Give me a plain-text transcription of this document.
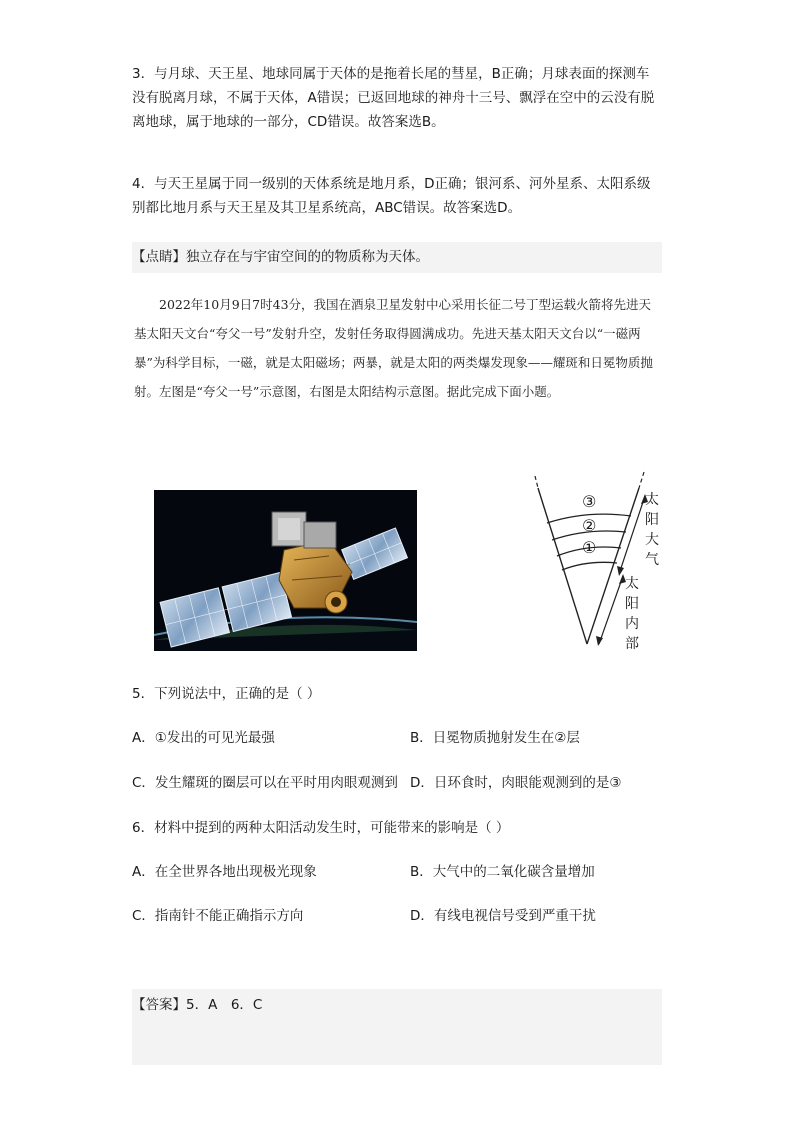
3．与月球、天王星、地球同属于天体的是拖着长尾的彗星，B正确；月球表面的探测车没有脱离月球，不属于天体，A错误；已返回地球的神舟十三号、飘浮在空中的云没有脱离地球，属于地球的一部分，CD错误。故答案选B。

4．与天王星属于同一级别的天体系统是地月系，D正确；银河系、河外星系、太阳系级别都比地月系与天王星及其卫星系统高，ABC错误。故答案选D。

【点睛】独立存在与宇宙空间的的物质称为天体。

2022年10月9日7时43分，我国在酒泉卫星发射中心采用长征二号丁型运载火箭将先进天基太阳天文台“夸父一号”发射升空，发射任务取得圆满成功。先进天基太阳天文台以“一磁两暴”为科学目标，一磁，就是太阳磁场；两暴，就是太阳的两类爆发现象——耀斑和日冕物质抛射。左图是“夸父一号”示意图，右图是太阳结构示意图。据此完成下面小题。

③
②
①
太
阳
大
气
太
阳
内
部
5．下列说法中，正确的是（ ）
A．①发出的可见光最强	B．日冕物质抛射发生在②层
C．发生耀斑的圈层可以在平时用肉眼观测到 D．日环食时，肉眼能观测到的是③
6．材料中提到的两种太阳活动发生时，可能带来的影响是（ ）
A．在全世界各地出现极光现象	B．大气中的二氧化碳含量增加
C．指南针不能正确指示方向	D．有线电视信号受到严重干扰

【答案】5．A　6．C
